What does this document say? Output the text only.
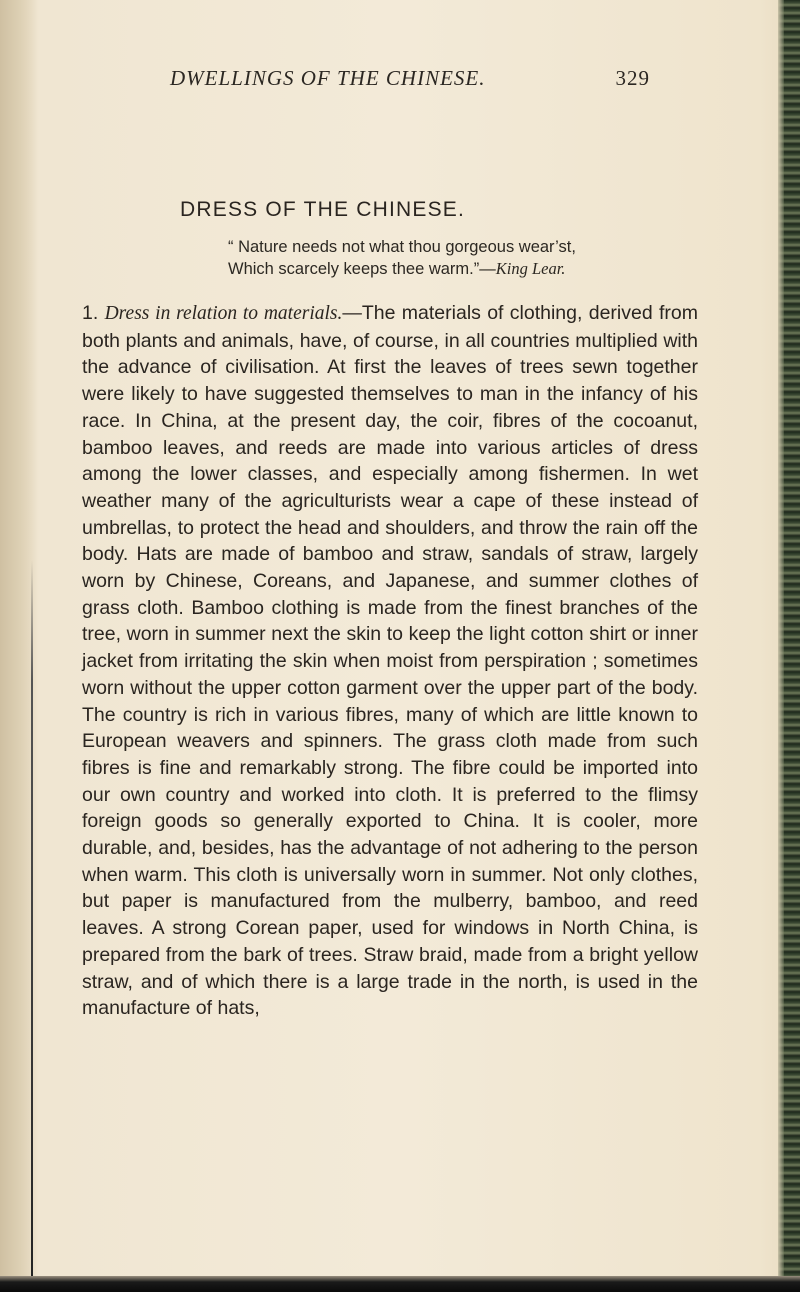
DWELLINGS OF THE CHINESE.	329
DRESS OF THE CHINESE.
“ Nature needs not what thou gorgeous wear’st,
Which scarcely keeps thee warm.”—King Lear.
1. Dress in relation to materials.—The materials of clothing, derived from both plants and animals, have, of course, in all countries multiplied with the advance of civilisation. At first the leaves of trees sewn together were likely to have suggested themselves to man in the infancy of his race. In China, at the present day, the coir, fibres of the cocoanut, bamboo leaves, and reeds are made into various articles of dress among the lower classes, and especially among fishermen. In wet weather many of the agriculturists wear a cape of these instead of umbrellas, to protect the head and shoulders, and throw the rain off the body. Hats are made of bamboo and straw, sandals of straw, largely worn by Chinese, Coreans, and Japanese, and summer clothes of grass cloth. Bamboo clothing is made from the finest branches of the tree, worn in summer next the skin to keep the light cotton shirt or inner jacket from irritating the skin when moist from perspiration ; sometimes worn without the upper cotton garment over the upper part of the body. The country is rich in various fibres, many of which are little known to European weavers and spinners. The grass cloth made from such fibres is fine and remarkably strong. The fibre could be imported into our own country and worked into cloth. It is preferred to the flimsy foreign goods so generally exported to China. It is cooler, more durable, and, besides, has the advantage of not adhering to the person when warm. This cloth is universally worn in summer. Not only clothes, but paper is manufactured from the mulberry, bamboo, and reed leaves. A strong Corean paper, used for windows in North China, is prepared from the bark of trees. Straw braid, made from a bright yellow straw, and of which there is a large trade in the north, is used in the manufacture of hats,
